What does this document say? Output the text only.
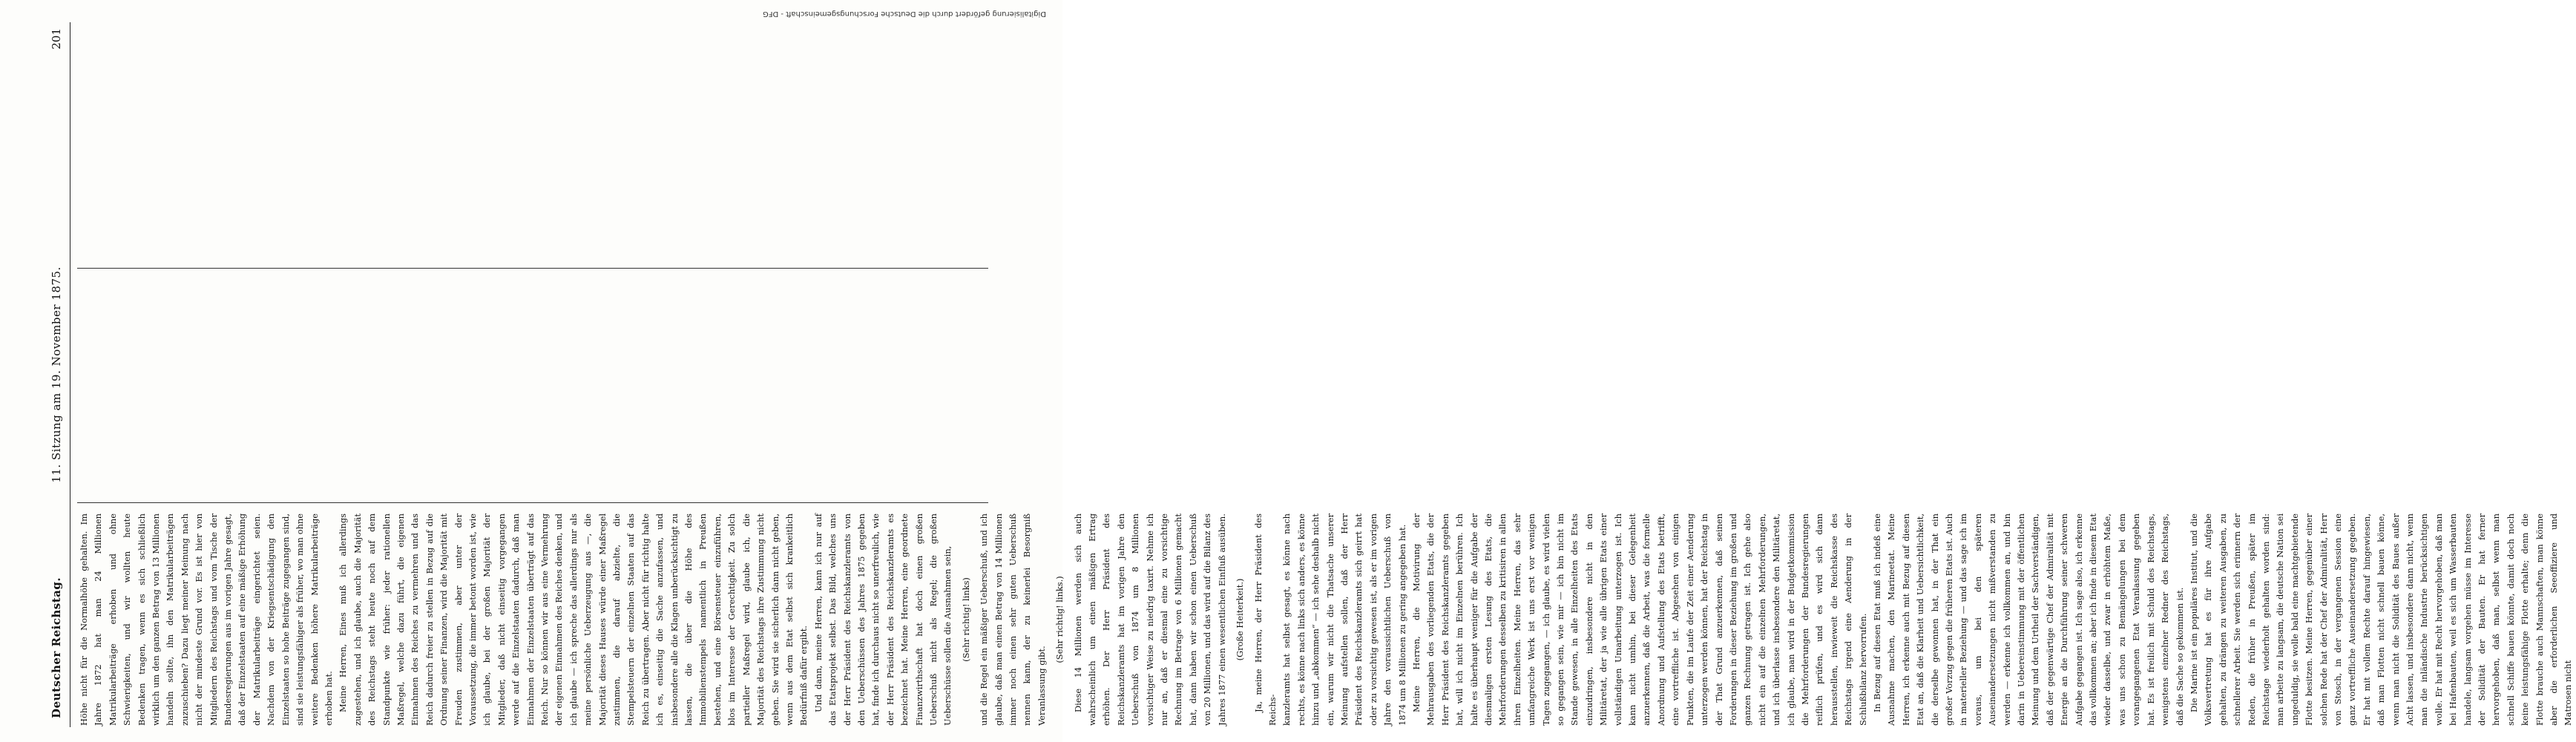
Deutscher Reichstag.
11. Sitzung am 19. November 1875.
201

Höhe nicht für die Normalhöhe gehalten. Im Jahre 1872 hat man 24 Millionen Matrikularbeiträge erhoben und ohne Schwierigkeiten, und wir wollten heute Bedenken tragen, wenn es sich schließlich wirklich um den ganzen Betrag von 13 Millionen handeln sollte, ihn den Matrikularbeiträgen zuzuschieben? Dazu liegt meiner Meinung nach nicht der mindeste Grund vor. Es ist hier von Mitgliedern des Reichstags und vom Tische der Bundesregierungen aus im vorigen Jahre gesagt, daß der Einzelstaaten auf eine mäßige Erhöhung der Matrikularbeiträge eingerichtet seien. Nachdem von der Kriegsentschädigung den Einzelstaaten so hohe Beiträge zugegangen sind, sind sie leistungsfähiger als früher, wo man ohne weitere Bedenken höhere Matrikularbeiträge erhoben hat. Meine Herren, Eines muß ich allerdings zugestehen, und ich glaube, auch die Majorität des Reichstags steht heute noch auf dem Standpunkte wie früher: jeder rationellen Maßregel, welche dazu führt, die eigenen Einnahmen des Reiches zu vermehren und das Reich dadurch freier zu stellen in Bezug auf die Ordnung seiner Finanzen, wird die Majorität mit Freuden zustimmen, aber unter der Voraussetzung, die immer betont worden ist, wie ich glaube, bei der großen Majorität der Mitglieder, daß nicht einseitig vorgegangen werde auf die Einzelstaaten dadurch, daß man Einnahmen der Einzelstaaten überträgt auf das Reich. Nur so können wir aus eine Vermehrung der eigenen Einnahmen des Reiches denken, und ich glaube — ich spreche das allerdings nur als meine persönliche Ueberzeugung aus —, die Majorität dieses Hauses würde einer Maßregel zustimmen, die darauf abzielte, die Stempelsteuern der einzelnen Staaten auf das Reich zu übertragen. Aber nicht für richtig halte ich es, einseitig die Sache anzufassen, und insbesondere alle die Klagen unberücksichtigt zu lassen, die über die Höhe des Immobilienstempels namentlich in Preußen bestehen, und eine Börsensteuer einzuführen, blos im Interesse der Gerechtigkeit. Zu solch partieller Maßregel wird, glaube ich, die Majorität des Reichstags ihre Zustimmung nicht geben. Sie wird sie sicherlich dann nicht geben, wenn aus dem Etat selbst sich krankeitlich Bedürfniß dafür ergibt. Und dann, meine Herren, kann ich nur auf das Etatsprojekt selbst. Das Bild, welches uns der Herr Präsident des Reichskanzleramts von den Ueberschüssen des Jahres 1875 gegeben hat, finde ich durchaus nicht so unerfreulich, wie der Herr Präsident des Reichskanzleramts es bezeichnet hat. Meine Herren, eine geordnete Finanzwirthschaft hat doch einen großen Ueberschuß nicht als Regel; die großen Ueberschüsse sollen die Ausnahmen sein, (Sehr richtig! links) und die Regel ein mäßiger Ueberschuß, und ich glaube, daß man einen Betrag von 14 Millionen immer noch einen sehr guten Ueberschuß nennen kann, der zu keinerlei Besorgniß Veranlassung gibt.

(Sehr richtig! links.) Diese 14 Millionen werden sich auch wahrscheinlich um einen mäßigen Ertrag erhöhen. Der Herr Präsident des Reichskanzleramts hat im vorigen Jahre den Ueberschuß von 1874 um 8 Millionen vorsichtiger Weise zu niedrig taxirt. Nehme ich nur an, daß er diesmal eine zu vorsichtige Rechnung im Betrage von 6 Millionen gemacht hat, dann haben wir schon einen Ueberschuß von 20 Millionen, und das wird auf die Bilanz des Jahres 1877 einen wesentlichen Einfluß ausüben. (Große Heiterkeit.) Ja, meine Herren, der Herr Präsident des Reichs- kanzleramts hat selbst gesagt, es könne nach rechts, es könne nach links sich anders, es könne hinzu und „abkommen“ — ich sehe deshalb nicht ein, warum wir nicht die Thatsache unserer Meinung aufstellen sollen, daß der Herr Präsident des Reichskanzleramts sich geirrt hat oder zu vorsichtig gewesen ist, als er im vorigen Jahre den voraussichtlichen Ueberschuß von 1874 um 8 Millionen zu gering angegeben hat. Meine Herren, die Motivirung der Mehrausgaben des vorliegenden Etats, die der Herr Präsident des Reichskanzleramts gegeben hat, will ich nicht im Einzelnen berühren. Ich halte es überhaupt weniger für die Aufgabe der diesmaligen ersten Lesung des Etats, die Mehrforderungen desselben zu kritisiren in allen ihren Einzelheiten. Meine Herren, das sehr umfangreiche Werk ist uns erst vor wenigen Tagen zugegangen, — ich glaube, es wird vielen so gegangen sein, wie mir — ich bin nicht im Stande gewesen, in alle Einzelheiten des Etats einzudringen, insbesondere nicht in den Militäretat, der ja wie alle übrigen Etats einer vollständigen Umarbeitung unterzogen ist. Ich kann nicht umhin, bei dieser Gelegenheit anzuerkennen, daß die Arbeit, was die formelle Anordnung und Aufstellung des Etats betrifft, eine vortreffliche ist. Abgesehen von einigen Punkten, die im Laufe der Zeit einer Aenderung unterzogen werden können, hat der Reichstag in der That Grund anzuerkennen, daß seinen Forderungen in dieser Beziehung im großen und ganzen Rechnung getragen ist. Ich gehe also nicht ein auf die einzelnen Mehrforderungen, und ich überlasse insbesondere den Militäretat, ich glaube, man wird in der Budgetkommission die Mehrforderungen der Bundesregierungen reiflich prüfen, und es wird sich dann herausstellen, inwieweit die Reichskasse des Reichstags irgend eine Aenderung in der Schlußbilanz hervorrufen. In Bezug auf diesen Etat muß ich indeß eine Ausnahme machen, den Marineetat. Meine Herren, ich erkenne auch mit Bezug auf diesen Etat an, daß die Klarheit und Uebersichtlichkeit, die derselbe gewonnen hat, in der That ein großer Vorzug gegen die früheren Etats ist. Auch in materieller Beziehung — und das sage ich im voraus, um bei den späteren Auseinandersetzungen nicht mißverstanden zu werden — erkenne ich vollkommen an, und bin darin in Uebereinstimmung mit der öffentlichen Meinung und dem Urtheil der Sachverständigen, daß der gegenwärtige Chef der Admiralität mit Energie an die Durchführung seiner schweren Aufgabe gegangen ist. Ich sage also, ich erkenne das vollkommen an; aber ich finde in diesem Etat wieder dasselbe, und zwar in erhöhtem Maße, was uns schon zu Bemängelungen bei dem vorangegangenen Etat Veranlassung gegeben hat. Es ist freilich mit Schuld des Reichstags, wenigstens einzelner Redner des Reichstags, daß die Sache so gekommen ist. Die Marine ist ein populäres Institut, und die Volksvertretung hat es für ihre Aufgabe gehalten, zu drängen zu weiteren Ausgaben, zu schnellerer Arbeit. Sie werden sich erinnern der Reden, die früher in Preußen, später im Reichstage wiederholt gehalten worden sind: man arbeite zu langsam, die deutsche Nation sei ungeduldig, sie wolle bald eine machtgebietende Flotte besitzen. Meine Herren, gegenüber einer solchen Rede hat der Chef der Admiralität, Herr von Stosch, in der vergangenen Session eine ganz vortreffliche Auseinandersetzung gegeben. Er hat mit vollem Rechte darauf hingewiesen, daß man Flotten nicht schnell bauen könne, wenn man nicht die Solidität des Baues außer Acht lassen, und insbesondere dann nicht, wenn man die inländische Industrie berücksichtigen wolle. Er hat mit Recht hervorgehoben, daß man bei Hafenbauten, weil es sich um Wasserbauten handele, langsam vorgehen müsse im Interesse der Solidität der Bauten. Er hat ferner hervorgehoben, daß man, selbst wenn man schnell Schiffe bauen könnte, damit doch noch keine leistungsfähige Flotte erhalte; denn die Flotte brauche auch Mannschaften, man könne aber die erforderlichen Seeoffiziere und Matrosen nicht

Digitalisierung gefördert durch die Deutsche Forschungsgemeinschaft - DFG
